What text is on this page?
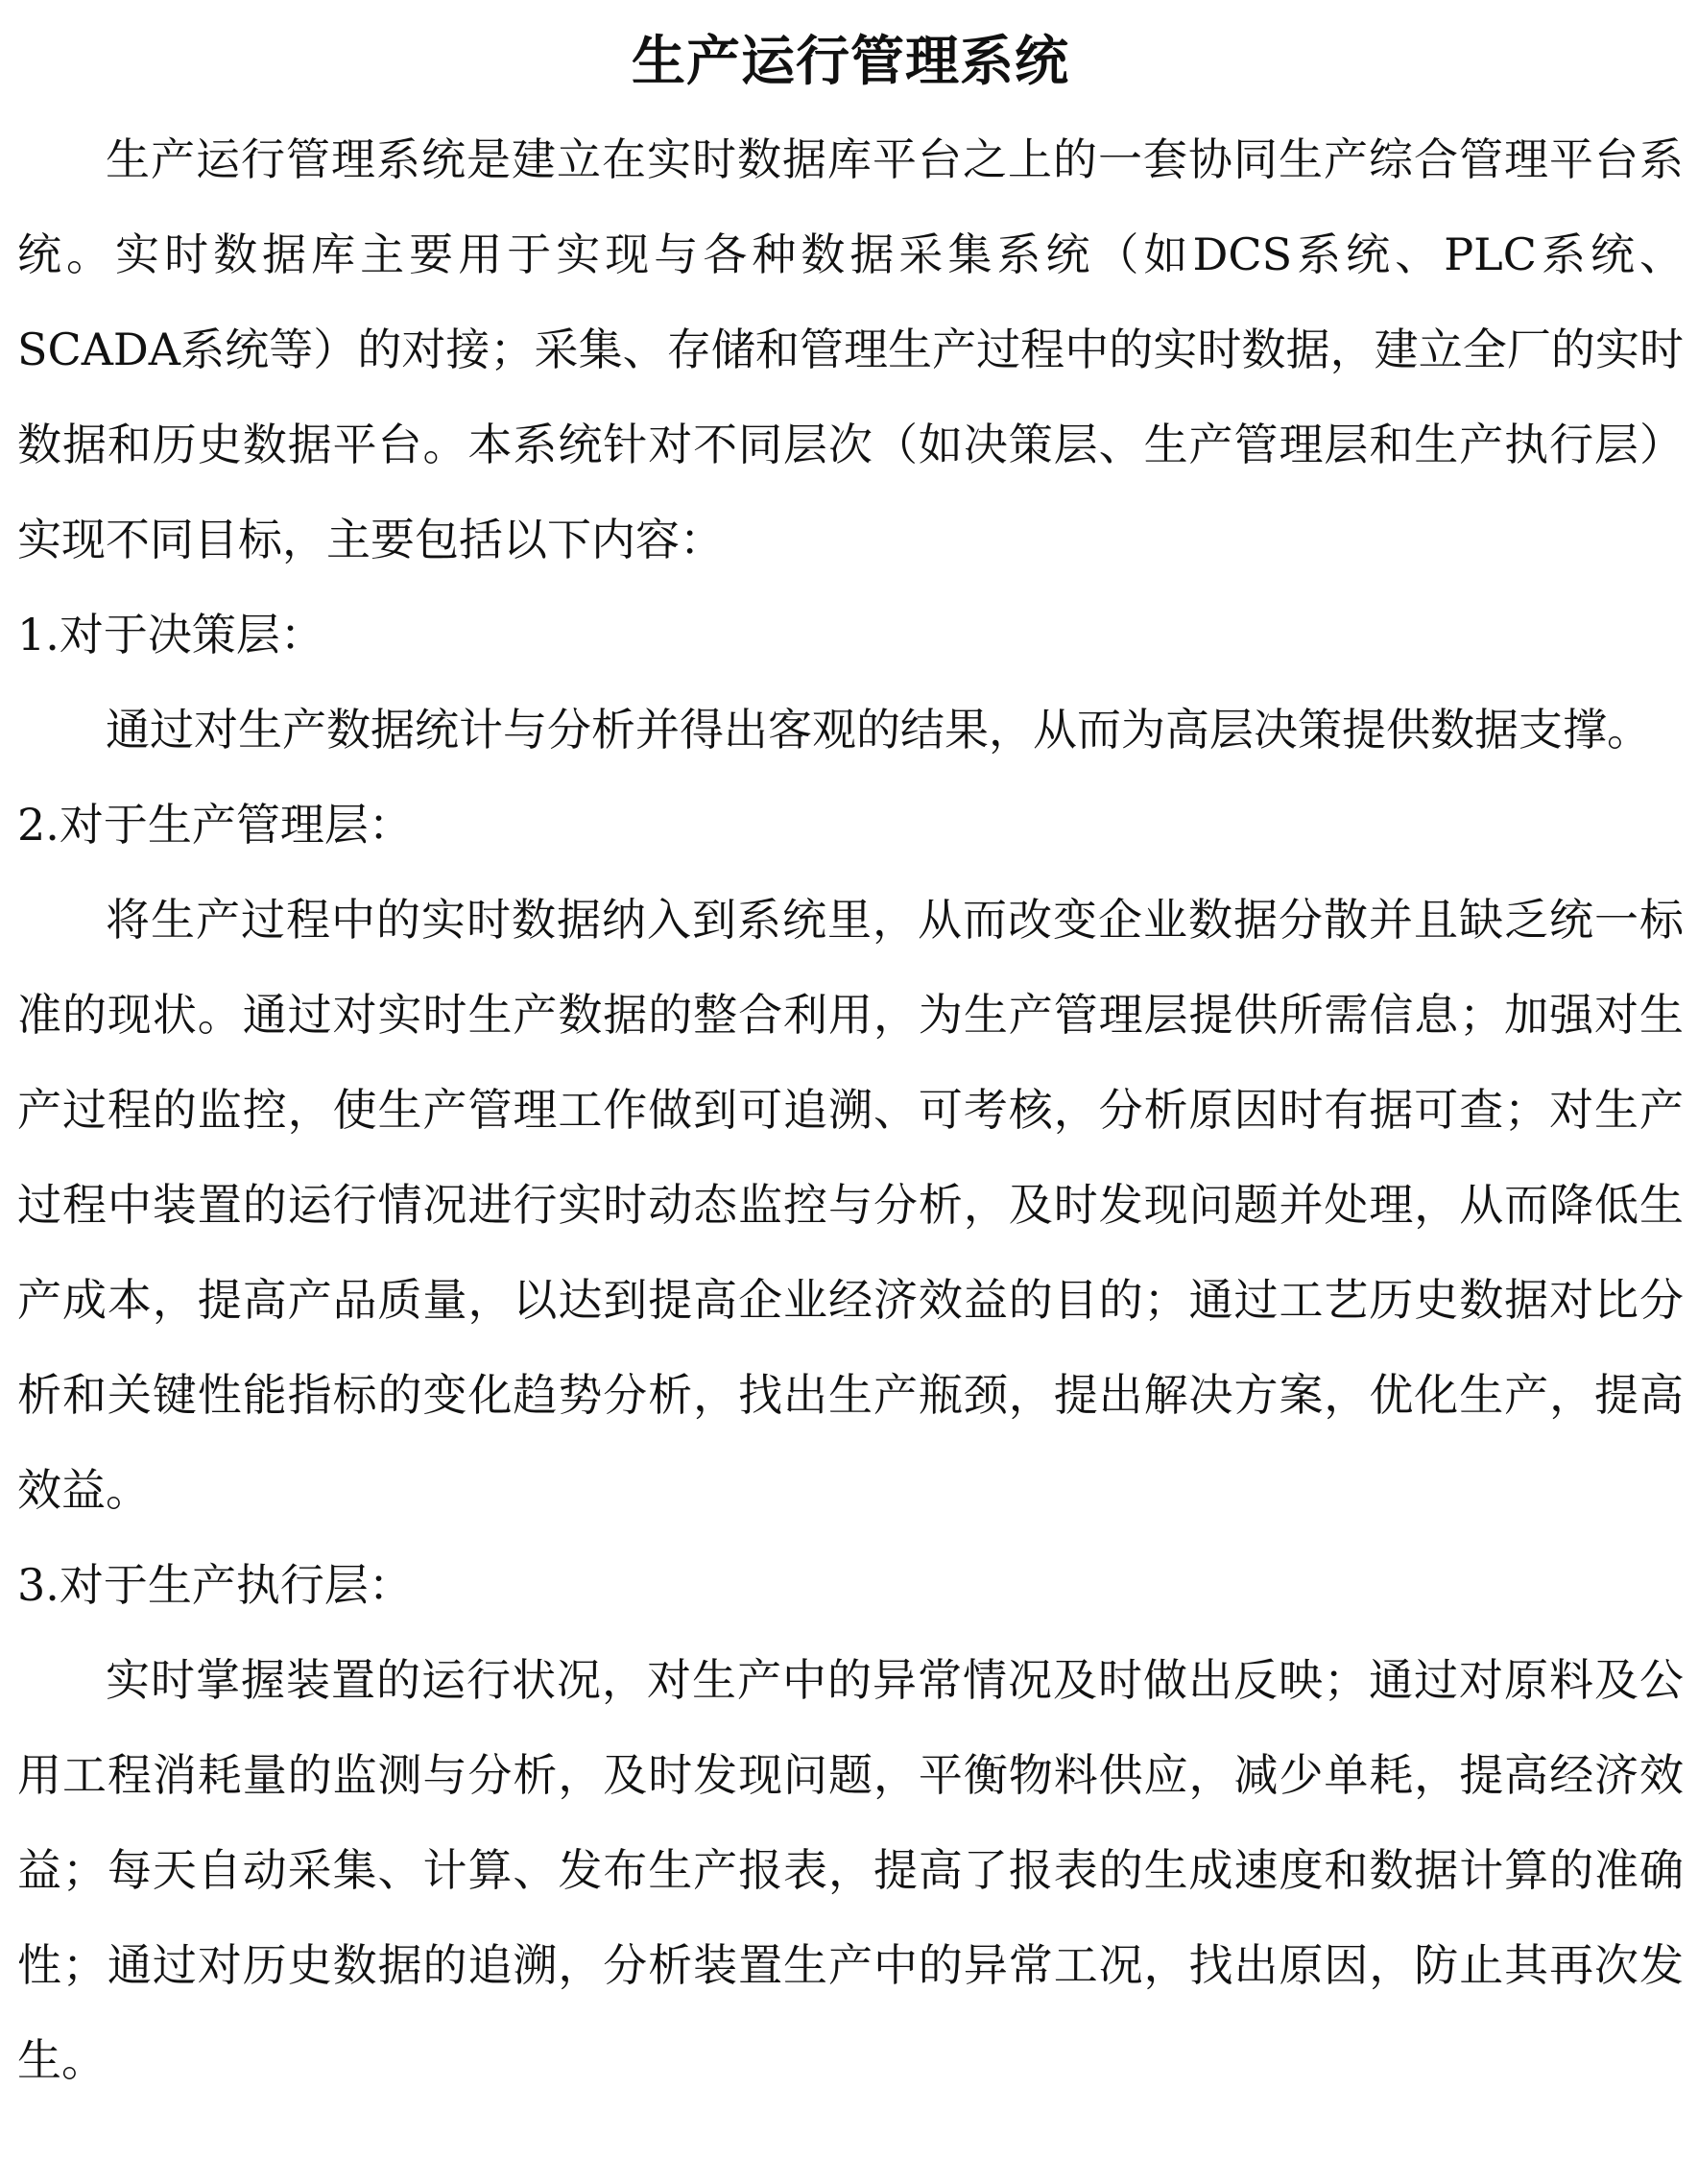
生产运行管理系统

生产运行管理系统是建立在实时数据库平台之上的一套协同生产综合管理平台系统。实时数据库主要用于实现与各种数据采集系统（如DCS系统、PLC系统、SCADA系统等）的对接；采集、存储和管理生产过程中的实时数据，建立全厂的实时数据和历史数据平台。本系统针对不同层次（如决策层、生产管理层和生产执行层）实现不同目标，主要包括以下内容：

1.对于决策层：

通过对生产数据统计与分析并得出客观的结果，从而为高层决策提供数据支撑。

2.对于生产管理层：

将生产过程中的实时数据纳入到系统里，从而改变企业数据分散并且缺乏统一标准的现状。通过对实时生产数据的整合利用，为生产管理层提供所需信息；加强对生产过程的监控，使生产管理工作做到可追溯、可考核，分析原因时有据可查；对生产过程中装置的运行情况进行实时动态监控与分析，及时发现问题并处理，从而降低生产成本，提高产品质量，以达到提高企业经济效益的目的；通过工艺历史数据对比分析和关键性能指标的变化趋势分析，找出生产瓶颈，提出解决方案，优化生产，提高效益。

3.对于生产执行层：

实时掌握装置的运行状况，对生产中的异常情况及时做出反映；通过对原料及公用工程消耗量的监测与分析，及时发现问题，平衡物料供应，减少单耗，提高经济效益；每天自动采集、计算、发布生产报表，提高了报表的生成速度和数据计算的准确性；通过对历史数据的追溯，分析装置生产中的异常工况，找出原因，防止其再次发生。
